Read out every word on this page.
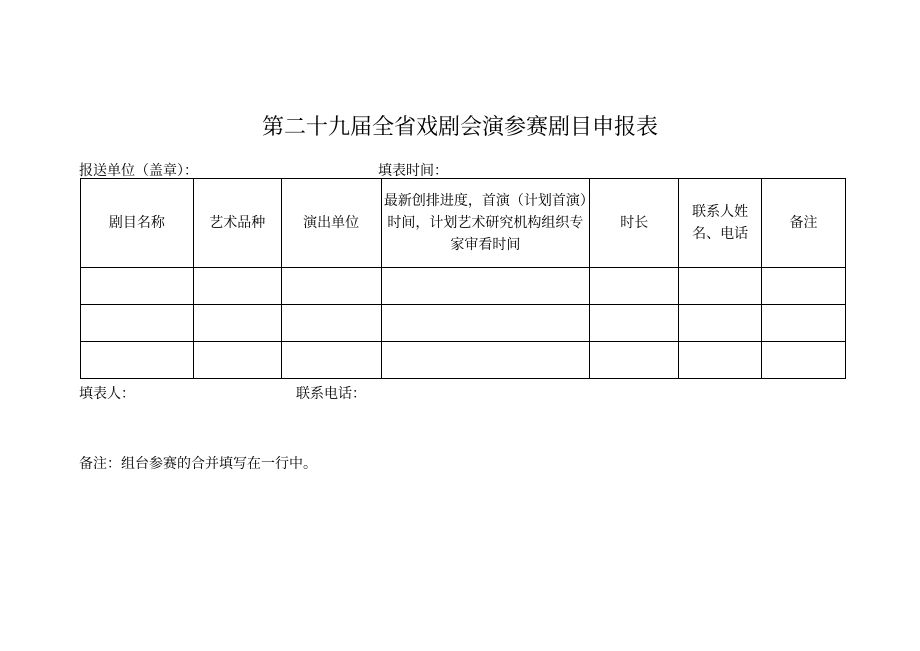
第二十九届全省戏剧会演参赛剧目申报表
报送单位（盖章）：	填表时间：
剧目名称	艺术品种	演出单位	最新创排进度，首演（计划首演）时间，计划艺术研究机构组织专家审看时间	时长	联系人姓名、电话	备注

填表人：	联系电话：
备注：组台参赛的合并填写在一行中。
